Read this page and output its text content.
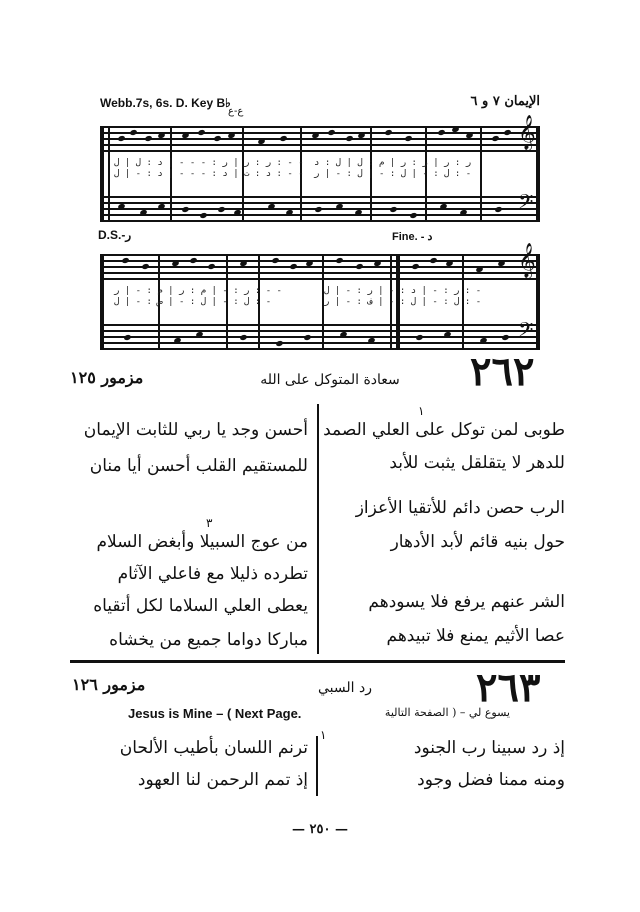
Webb.7s, 6s. D. Key B♭
ع-ع
الإيمان ٧ و ٦
𝄞
𝄢
ر : ر | ر : - - - | د : ل | ل : - -
د : ت | د : - - - | د : - | ل : - -
ر : ر | ر : ر | م : ل | ل : د
ل : - | ل : - | ل : - | ر : -
D.S.-ر	Fine. - د
𝄞
𝄢
ر : - | م : ر | م : - | ر : - -
ل : - | ل : - | ص : - | ل : -
ر : - | د : - | ر : - | ل : -
ل : - | ل : - | ف : - | ر : -
٢٦٢
سعادة المتوكل على الله
مزمور ١٢٥
١
٣
طوبى لمن توكل على العلي الصمد
للدهر لا يتقلقل يثبت للأبد
الرب حصن دائم للأتقيا الأعزاز
حول بنيه قائم لأبد الأدهار
الشر عنهم يرفع فلا يسودهم
عصا الأثيم يمنع فلا تبيدهم
أحسن وجد يا ربي للثابت الإيمان
للمستقيم القلب أحسن أيا منان
من عوج السبيلا وأبغض السلام
تطرده ذليلا مع فاعلي الآثام
يعطى العلي السلاما لكل أتقياه
مباركا دواما جميع من يخشاه
٢٦٣
رد السبي
مزمور ١٢٦
Jesus is Mine – ( Next Page.	يسوع لي – ( الصفحة التالية
١
إذ رد سبينا رب الجنود
ومنه ممنا فضل وجود
ترنم اللسان بأطيب الألحان
إذ تمم الرحمن لنا العهود
— ٢٥٠ —
